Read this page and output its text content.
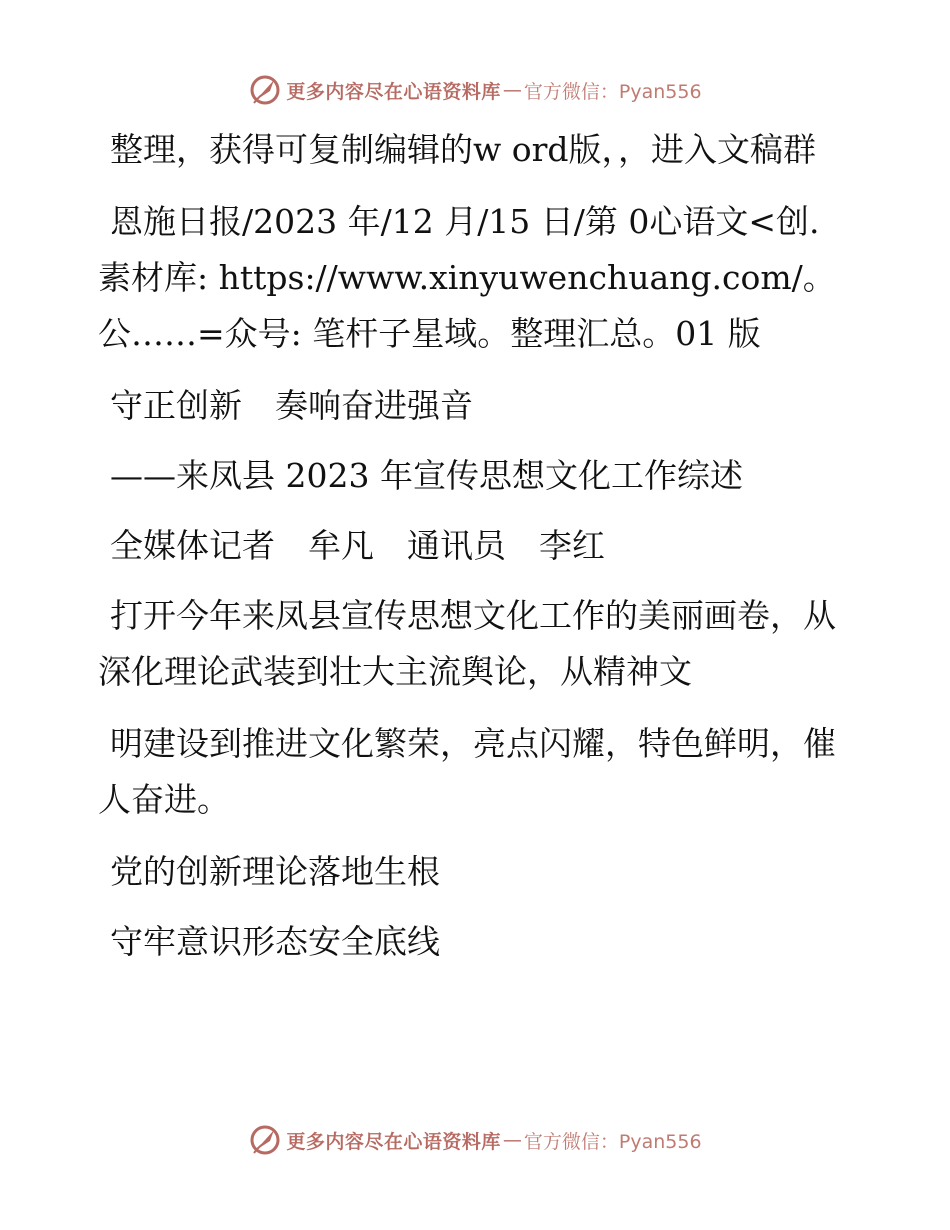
更多内容尽在心语资料库 — 官方微信：Pyan556

整理，获得可复制编辑的w ord版，，进入文稿群

恩施日报/2023 年/12 月/15 日/第 0心语文<创.素材库: https://www.xinyuwenchuang.com/。公……=众号: 笔杆子星域。整理汇总。01 版

守正创新　奏响奋进强音

——来凤县 2023 年宣传思想文化工作综述

全媒体记者　牟凡　通讯员　李红

打开今年来凤县宣传思想文化工作的美丽画卷，从深化理论武装到壮大主流舆论，从精神文

明建设到推进文化繁荣，亮点闪耀，特色鲜明，催人奋进。

党的创新理论落地生根

守牢意识形态安全底线

更多内容尽在心语资料库 — 官方微信：Pyan556
